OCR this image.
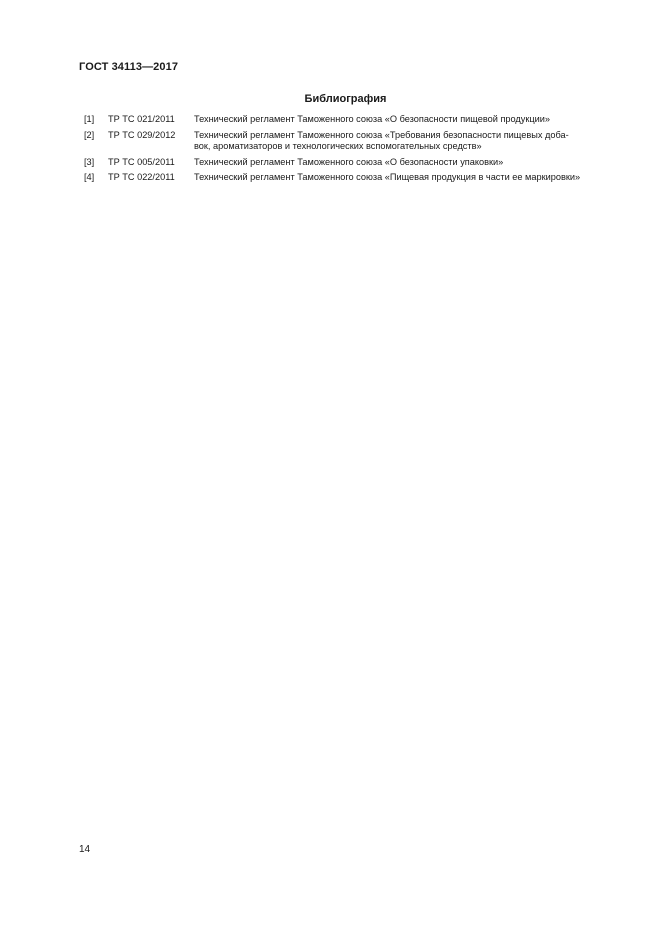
ГОСТ 34113—2017
Библиография
[1]	ТР ТС 021/2011	Технический регламент Таможенного союза «О безопасности пищевой продукции»
[2]	ТР ТС 029/2012	Технический регламент Таможенного союза «Требования безопасности пищевых доба-
вок, ароматизаторов и технологических вспомогательных средств»
[3]	ТР ТС 005/2011	Технический регламент Таможенного союза «О безопасности упаковки»
[4]	ТР ТС 022/2011	Технический регламент Таможенного союза «Пищевая продукция в части ее маркировки»
14
